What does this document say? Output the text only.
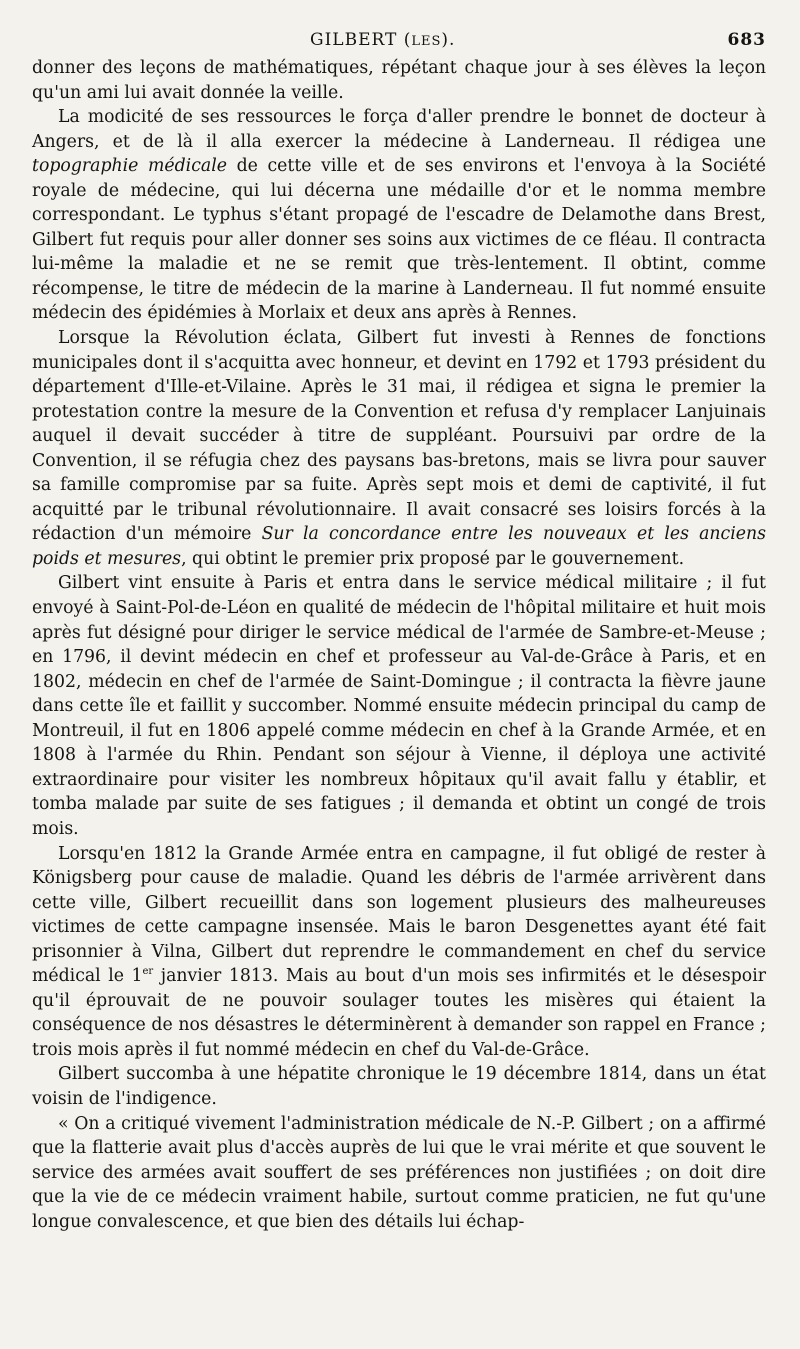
GILBERT (LES).	683

donner des leçons de mathématiques, répétant chaque jour à ses élèves la leçon qu'un ami lui avait donnée la veille.

La modicité de ses ressources le força d'aller prendre le bonnet de docteur à Angers, et de là il alla exercer la médecine à Landerneau. Il rédigea une topographie médicale de cette ville et de ses environs et l'envoya à la Société royale de médecine, qui lui décerna une médaille d'or et le nomma membre correspondant. Le typhus s'étant propagé de l'escadre de Delamothe dans Brest, Gilbert fut requis pour aller donner ses soins aux victimes de ce fléau. Il contracta lui-même la maladie et ne se remit que très-lentement. Il obtint, comme récompense, le titre de médecin de la marine à Landerneau. Il fut nommé ensuite médecin des épidémies à Morlaix et deux ans après à Rennes.

Lorsque la Révolution éclata, Gilbert fut investi à Rennes de fonctions municipales dont il s'acquitta avec honneur, et devint en 1792 et 1793 président du département d'Ille-et-Vilaine. Après le 31 mai, il rédigea et signa le premier la protestation contre la mesure de la Convention et refusa d'y remplacer Lanjuinais auquel il devait succéder à titre de suppléant. Poursuivi par ordre de la Convention, il se réfugia chez des paysans bas-bretons, mais se livra pour sauver sa famille compromise par sa fuite. Après sept mois et demi de captivité, il fut acquitté par le tribunal révolutionnaire. Il avait consacré ses loisirs forcés à la rédaction d'un mémoire Sur la concordance entre les nouveaux et les anciens poids et mesures, qui obtint le premier prix proposé par le gouvernement.

Gilbert vint ensuite à Paris et entra dans le service médical militaire ; il fut envoyé à Saint-Pol-de-Léon en qualité de médecin de l'hôpital militaire et huit mois après fut désigné pour diriger le service médical de l'armée de Sambre-et-Meuse ; en 1796, il devint médecin en chef et professeur au Val-de-Grâce à Paris, et en 1802, médecin en chef de l'armée de Saint-Domingue ; il contracta la fièvre jaune dans cette île et faillit y succomber. Nommé ensuite médecin principal du camp de Montreuil, il fut en 1806 appelé comme médecin en chef à la Grande Armée, et en 1808 à l'armée du Rhin. Pendant son séjour à Vienne, il déploya une activité extraordinaire pour visiter les nombreux hôpitaux qu'il avait fallu y établir, et tomba malade par suite de ses fatigues ; il demanda et obtint un congé de trois mois.

Lorsqu'en 1812 la Grande Armée entra en campagne, il fut obligé de rester à Königsberg pour cause de maladie. Quand les débris de l'armée arrivèrent dans cette ville, Gilbert recueillit dans son logement plusieurs des malheureuses victimes de cette campagne insensée. Mais le baron Desgenettes ayant été fait prisonnier à Vilna, Gilbert dut reprendre le commandement en chef du service médical le 1er janvier 1813. Mais au bout d'un mois ses infirmités et le désespoir qu'il éprouvait de ne pouvoir soulager toutes les misères qui étaient la conséquence de nos désastres le déterminèrent à demander son rappel en France ; trois mois après il fut nommé médecin en chef du Val-de-Grâce.

Gilbert succomba à une hépatite chronique le 19 décembre 1814, dans un état voisin de l'indigence.

« On a critiqué vivement l'administration médicale de N.-P. Gilbert ; on a affirmé que la flatterie avait plus d'accès auprès de lui que le vrai mérite et que souvent le service des armées avait souffert de ses préférences non justifiées ; on doit dire que la vie de ce médecin vraiment habile, surtout comme praticien, ne fut qu'une longue convalescence, et que bien des détails lui échap-
